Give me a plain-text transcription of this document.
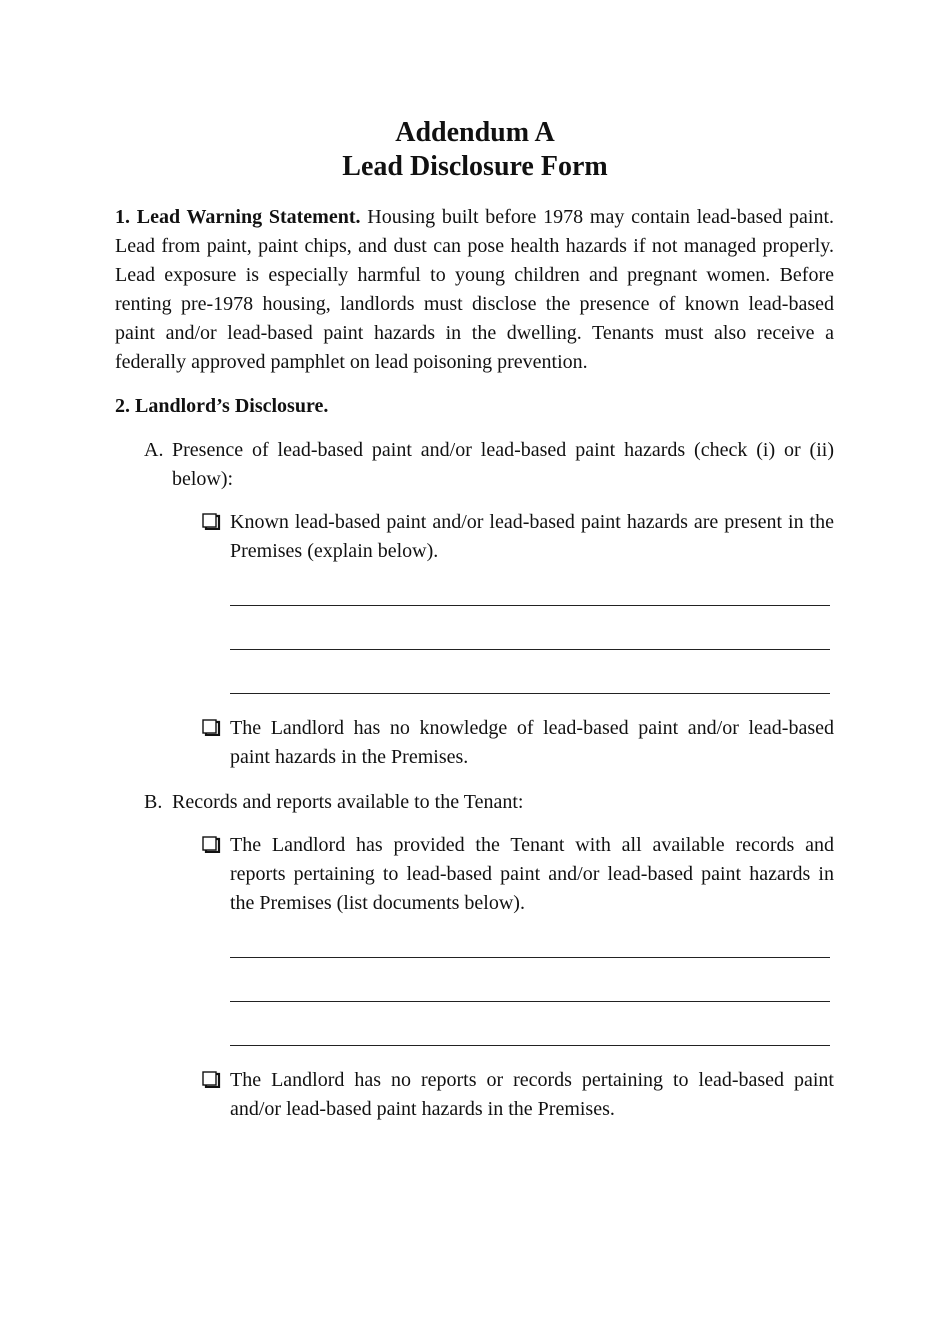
Addendum A
Lead Disclosure Form
1. Lead Warning Statement. Housing built before 1978 may contain lead-based paint. Lead from paint, paint chips, and dust can pose health hazards if not managed properly. Lead exposure is especially harmful to young children and pregnant women. Before renting pre-1978 housing, landlords must disclose the presence of known lead-based paint and/or lead-based paint hazards in the dwelling. Tenants must also receive a federally approved pamphlet on lead poisoning prevention.
2. Landlord’s Disclosure.
A. Presence of lead-based paint and/or lead-based paint hazards (check (i) or (ii) below):
Known lead-based paint and/or lead-based paint hazards are present in the Premises (explain below).
The Landlord has no knowledge of lead-based paint and/or lead-based paint hazards in the Premises.
B. Records and reports available to the Tenant:
The Landlord has provided the Tenant with all available records and reports pertaining to lead-based paint and/or lead-based paint hazards in the Premises (list documents below).
The Landlord has no reports or records pertaining to lead-based paint and/or lead-based paint hazards in the Premises.
